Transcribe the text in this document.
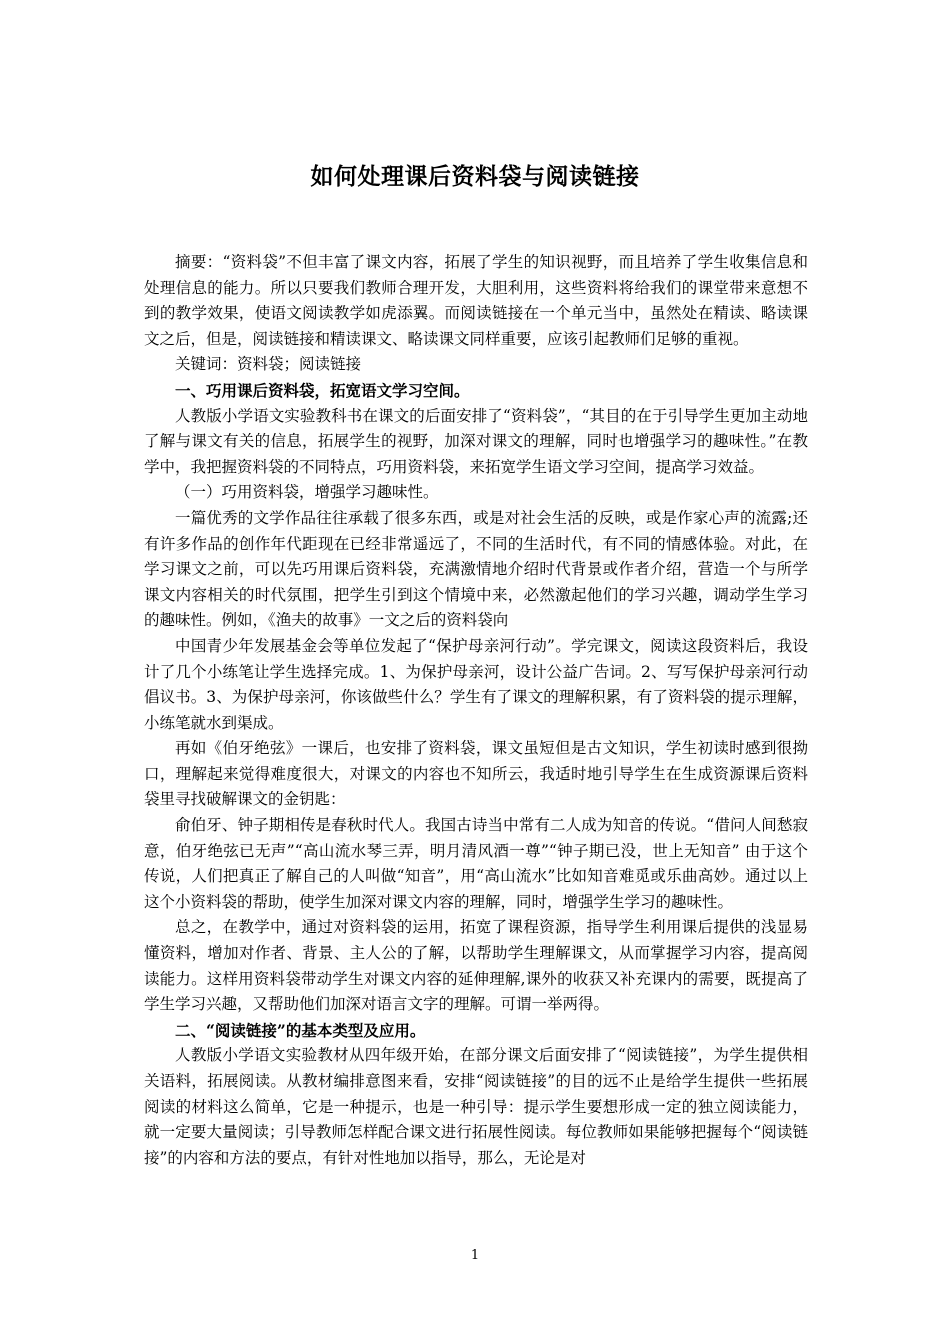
如何处理课后资料袋与阅读链接

摘要：“资料袋”不但丰富了课文内容，拓展了学生的知识视野，而且培养了学生收集信息和处理信息的能力。所以只要我们教师合理开发，大胆利用，这些资料将给我们的课堂带来意想不到的教学效果，使语文阅读教学如虎添翼。而阅读链接在一个单元当中，虽然处在精读、略读课文之后，但是，阅读链接和精读课文、略读课文同样重要，应该引起教师们足够的重视。

关键词：资料袋；阅读链接

一、巧用课后资料袋，拓宽语文学习空间。

人教版小学语文实验教科书在课文的后面安排了“资料袋”，“其目的在于引导学生更加主动地了解与课文有关的信息，拓展学生的视野，加深对课文的理解，同时也增强学习的趣味性。”在教学中，我把握资料袋的不同特点，巧用资料袋，来拓宽学生语文学习空间，提高学习效益。

（一）巧用资料袋，增强学习趣味性。

一篇优秀的文学作品往往承载了很多东西，或是对社会生活的反映，或是作家心声的流露;还有许多作品的创作年代距现在已经非常遥远了，不同的生活时代，有不同的情感体验。对此，在学习课文之前，可以先巧用课后资料袋，充满激情地介绍时代背景或作者介绍，营造一个与所学课文内容相关的时代氛围，把学生引到这个情境中来，必然激起他们的学习兴趣，调动学生学习的趣味性。例如，《渔夫的故事》一文之后的资料袋向

中国青少年发展基金会等单位发起了“保护母亲河行动”。学完课文，阅读这段资料后，我设计了几个小练笔让学生选择完成。1、为保护母亲河，设计公益广告词。2、写写保护母亲河行动倡议书。3、为保护母亲河，你该做些什么？学生有了课文的理解积累，有了资料袋的提示理解，小练笔就水到渠成。

再如《伯牙绝弦》一课后，也安排了资料袋，课文虽短但是古文知识，学生初读时感到很拗口，理解起来觉得难度很大，对课文的内容也不知所云，我适时地引导学生在生成资源课后资料袋里寻找破解课文的金钥匙：

俞伯牙、钟子期相传是春秋时代人。我国古诗当中常有二人成为知音的传说。“借问人间愁寂意，伯牙绝弦已无声”“高山流水琴三弄，明月清风酒一尊”“钟子期已没，世上无知音” 由于这个传说，人们把真正了解自己的人叫做“知音”，用“高山流水”比如知音难觅或乐曲高妙。通过以上这个小资料袋的帮助，使学生加深对课文内容的理解，同时，增强学生学习的趣味性。

总之，在教学中，通过对资料袋的运用，拓宽了课程资源，指导学生利用课后提供的浅显易懂资料，增加对作者、背景、主人公的了解，以帮助学生理解课文，从而掌握学习内容，提高阅读能力。这样用资料袋带动学生对课文内容的延伸理解,课外的收获又补充课内的需要，既提高了学生学习兴趣，又帮助他们加深对语言文字的理解。可谓一举两得。

二、“阅读链接”的基本类型及应用。

人教版小学语文实验教材从四年级开始，在部分课文后面安排了“阅读链接”，为学生提供相关语料，拓展阅读。从教材编排意图来看，安排“阅读链接”的目的远不止是给学生提供一些拓展阅读的材料这么简单，它是一种提示，也是一种引导：提示学生要想形成一定的独立阅读能力，就一定要大量阅读；引导教师怎样配合课文进行拓展性阅读。每位教师如果能够把握每个“阅读链接”的内容和方法的要点，有针对性地加以指导，那么，无论是对

1
